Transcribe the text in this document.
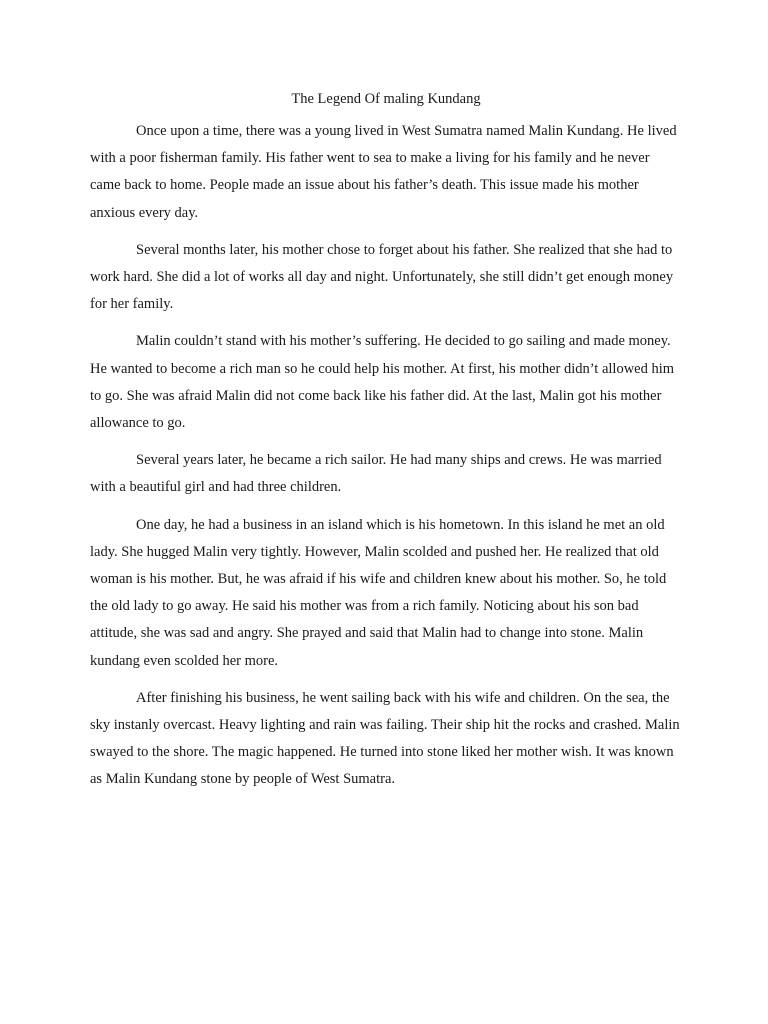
The Legend Of maling Kundang

Once upon a time, there was a young lived in West Sumatra named Malin Kundang. He lived with a poor fisherman family. His father went to sea to make a living for his family and he never came back to home. People made an issue about his father’s death. This issue made his mother anxious every day.

Several months later, his mother chose to forget about his father. She realized that she had to work hard. She did a lot of works all day and night. Unfortunately, she still didn’t get enough money for her family.

Malin couldn’t stand with his mother’s suffering. He decided to go sailing and made money. He wanted to become a rich man so he could help his mother. At first, his mother didn’t allowed him to go. She was afraid Malin did not come back like his father did. At the last, Malin got his mother allowance to go.

Several years later, he became a rich sailor. He had many ships and crews. He was married with a beautiful girl and had three children.

One day, he had a business in an island which is his hometown. In this island he met an old lady. She hugged Malin very tightly. However, Malin scolded and pushed her. He realized that old woman is his mother. But, he was afraid if his wife and children knew about his mother. So, he told the old lady to go away. He said his mother was from a rich family. Noticing about his son bad attitude, she was sad and angry. She prayed and said that Malin had to change into stone. Malin kundang even scolded her more.

After finishing his business, he went sailing back with his wife and children. On the sea, the sky instanly overcast. Heavy lighting and rain was failing. Their ship hit the rocks and crashed. Malin swayed to the shore. The magic happened. He turned into stone liked her mother wish. It was known as Malin Kundang stone by people of West Sumatra.
